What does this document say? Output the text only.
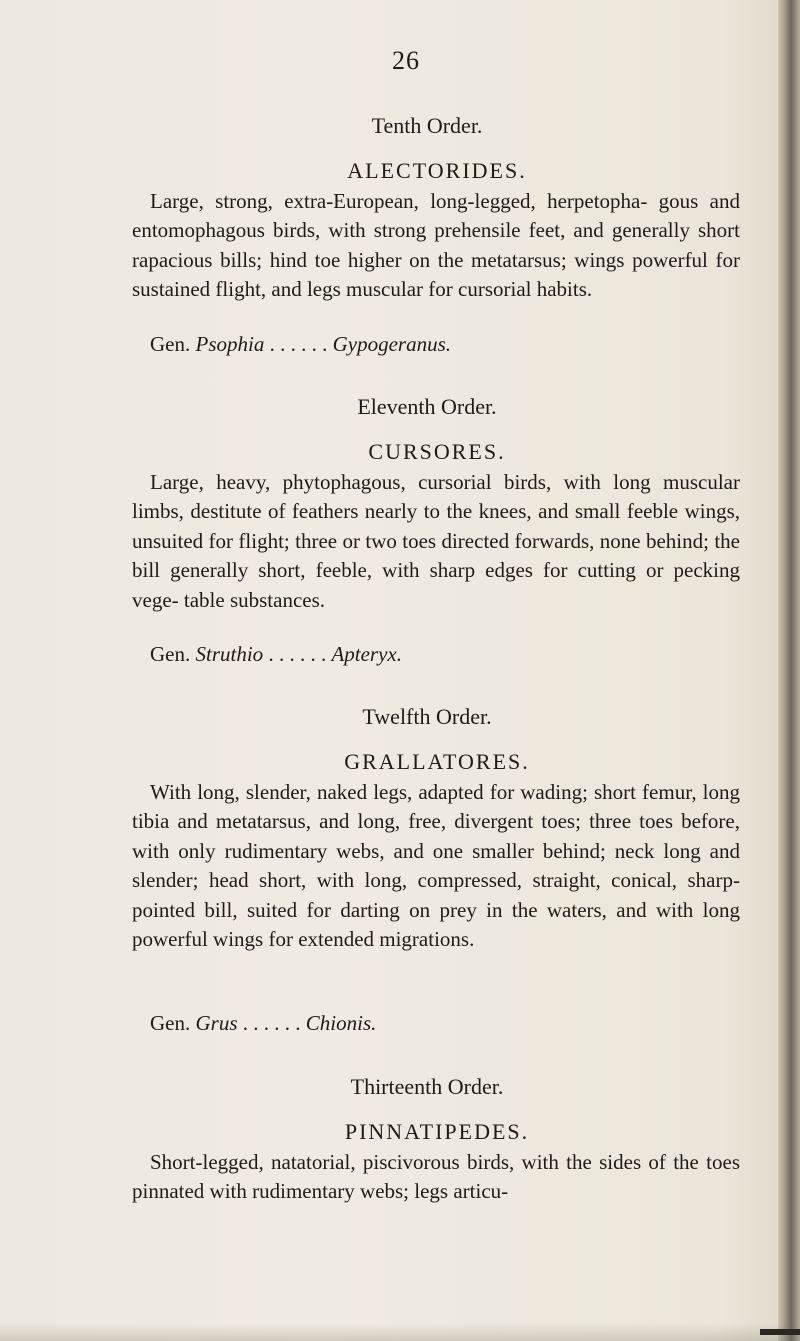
26
Tenth Order.
ALECTORIDES.

Large, strong, extra-European, long-legged, herpetopha- gous and entomophagous birds, with strong prehensile feet, and generally short rapacious bills; hind toe higher on the metatarsus; wings powerful for sustained flight, and legs muscular for cursorial habits.

Gen. Psophia . . . . . . Gypogeranus.
Eleventh Order.
CURSORES.

Large, heavy, phytophagous, cursorial birds, with long muscular limbs, destitute of feathers nearly to the knees, and small feeble wings, unsuited for flight; three or two toes directed forwards, none behind; the bill generally short, feeble, with sharp edges for cutting or pecking vege- table substances.

Gen. Struthio . . . . . . Apteryx.
Twelfth Order.
GRALLATORES.

With long, slender, naked legs, adapted for wading; short femur, long tibia and metatarsus, and long, free, divergent toes; three toes before, with only rudimentary webs, and one smaller behind; neck long and slender; head short, with long, compressed, straight, conical, sharp- pointed bill, suited for darting on prey in the waters, and with long powerful wings for extended migrations.

Gen. Grus . . . . . . Chionis.
Thirteenth Order.
PINNATIPEDES.

Short-legged, natatorial, piscivorous birds, with the sides of the toes pinnated with rudimentary webs; legs articu-
